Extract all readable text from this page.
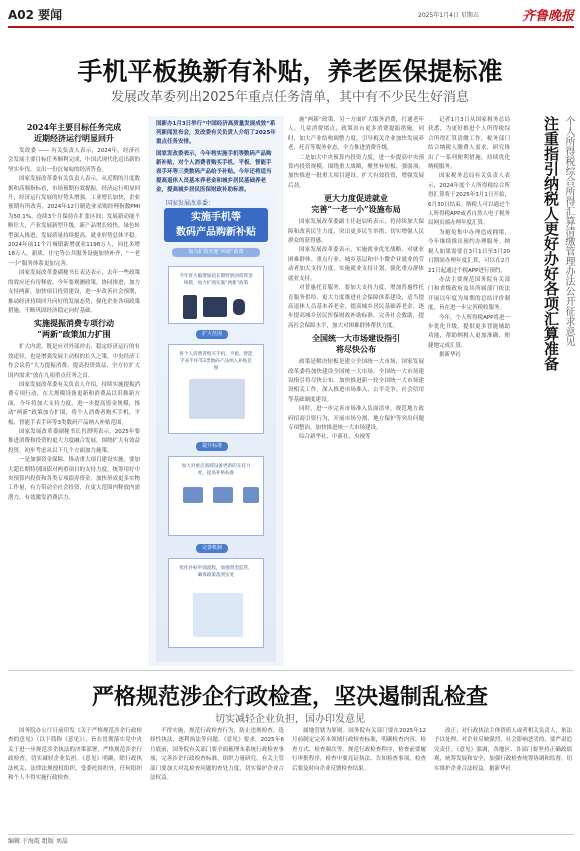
A02 要闻	2025年1月4日 星期五	齐鲁晚报
手机平板换新有补贴，养老医保提标准
发展改革委列出2025年重点任务清单，其中有不少民生好消息
2024年主要目标任务完成
近期经济运行明显回升

发改委 —— 有关负责人表示，2024年，经济社会发展主要目标任务顺利完成，中国式现代化迈出新的坚实步伐，交出一份沉甸甸的经济答卷。

国家发展改革委有关负责人表示，从近期的月度数据和高频指标看，市场预期有效提振，经济运行明显回升，经济运行发展的好势头增强，工业增长加快，企业预期有所改善。2024年12月制造业采购经理指数PMI为50.1%，连续3个月保持在扩张区间；发展新动能不断壮大，产业发展新型升级，新产品增长较快，绿色转型深入推进，发展质量持续提高，就业形势总体平稳。2024年前11个月城镇新增就业1198万人，同比多增18万人。新质、住宅等公共服务设施加快补齐，“一老一小”服务体系更加完善。

国家发展改革委副秘书长表达表示，去年一些政策的效应还有待释放，今年要观测政策，协同推进，加力支持两新，加快项目投资建设，进一步改善社会预期，推动经济持续回升向好的发展态势，强化企业各项政策措施，不断巩固经济稳定向好基础。

实施提振消费专项行动
“两新”政策加力扩围

扩大内需，既是应对外部冲击、稳定经济运行的有效途径，也是增强发展主动权的长久之策。中央经济工作会议将“大力提振消费、提高投资效益，全方位扩大国内需求”放在九项重点任务之首。

国家发展改革委有关负责人介绍，持续实施提振消费专项行动。在大规模设备更新和消费品以旧换新方面，今年将加大支持力度，进一步提高资金规模，推动“两新”政策加力扩围，将个人消费者购买手机、平板、智能手表手环等3类数码产品纳入补贴范围。

国家发展改革委副秘书长肖渭明表示，2025年要推进消费和投资的更大力度融合发展，围绕扩大有效益投资，初步考虑从以下几个方面加力施策。

一是加强资金保障，推动重大项目建设实施。要加大超长期特别国债对两重项目的支持力度，统筹用好中央预算内投资和各类专项债券资金，加快形成更多实物工作量，有力带动全社会投资，在更大范围内释放内需潜力，有效激发消费活力。

国新办1月3日举行“中国经济高质量发展成效”系列新闻发布会，发改委有关负责人介绍了2025年重点任务安排。
国家发改委表示，今年将实施手机等数码产品购新补贴，对个人消费者购买手机、平板、智能手表手环等三类数码产品给予补贴。今年还将适当提高退休人员基本养老金和城乡居民基础养老金，提高城乡居民医保财政补助标准。
国家发展改革委：
实施手机等
数码产品购新补贴
加力扩围实施“两新”政策
今年将大幅增加超长期特别国债资金规模，加力扩围实施“两新”政策
扩大范围
将个人消费者购买手机、平板、智能手表手环等3类数码产品纳入补贴范围
提升标准
加大对重点领域设备更新的支持力度，提高补贴标准
完善机制
优化补贴申领流程，加强资金监管，确保政策落到实处

施“两新”政策，另一方面扩大服务消费，打通老年人、儿童消费堵点，政策出台更多消费提振措施。同时，加大产业结构调整力度，引导相关企业加快发展养老、托育等服务业态，全力推进消费升级。

二是加大中央预算内投资力度，进一步提高中央预算内投资规模，围绕重大战略，聚焦补短板、强弱项，加快推进一批重大项目建设，扩大有效投资，增强发展后劲。

更大力度促进就业
完善“一老一小”设施布局

国家发展改革委副主任赵辰昕表示，将持续加大保障和改善民生力度，突出更多民生举措，切实增强人民群众的获得感。

国家发展改革委表示，实施就业优先战略，对就业困难群体、重点行业、城乡基层和中小微企业就业的劳动者加大支持力度，实施就业支持计划，强化重点群体就业支持。

对普惠托育服务，要加大支持力度，增加普惠性托育服务供给。更大力度推进社会保障体系建设，适当提高退休人员基本养老金，提高城乡居民基础养老金，逐步提高城乡居民医保财政补助标准，完善社会救助，提高社会保障水平，加大对困难群体帮扶力度。

全国统一大市场建设指引
将尽快公布

政策是解决短板是建立全国统一大市场，国家发展改革委将加快建设全国统一大市场，全国统一大市场建设指引将尽快公布。加快推进新一轮全国统一大市场建设相关工作，深入推进市场准入、公平竞争、社会信用等基础制度建设。

同时，进一步完善市场准入负面清单，规范地方政府招商引资行为，开展市场分割、地方保护等突出问题专项整治，加快推进统一大市场建设。

综合新华社、中新社、央视等

记者1月3日从国家税务总局获悉，为更好推进个人所得税综合所得汇算清缴工作，税务部门结合纳税人缴费人需求，研究推出了一系列便利措施，持续优化纳税服务。

国家税务总局有关负责人表示，2024年度个人所得税综合所得汇算将于2025年3月1日开始，6月30日结束。纳税人可以通过个人所得税APP或者自然人电子税务局网页端办理年度汇算。

为避免集中办理造成拥堵，今年继续推出预约办理服务。纳税人如果需要在3月1日至3月20日期间办理年度汇算，可以在2月21日起通过个税APP进行预约。

办法主要规范国务院有关部门和省级政府及其所属部门依法开展以年度为周期的总结评价制度，旨在进一步完善税收服务。

今年，个人所得税APP将进一步优化升级，提供更多智能辅助功能，帮助纳税人更加准确、便捷地完成汇算。

据新华社	注重指引纳税人更好办好各项汇算准备 个人所得税综合所得汇算清缴管理办法公开征求意见
严格规范涉企行政检查，坚决遏制乱检查
切实减轻企业负担，国办印发意见

国务院办公厅日前印发《关于严格规范涉企行政检查的意见》（以下简称《意见》），旨在贯彻落实党中央关于进一步规范涉企执法的决策部署，严格规范涉企行政检查，切实减轻企业负担。《意见》明确，除行政执法机关、法律法规授权组织、受委托组织外，任何组织和个人不得实施行政检查。

不得实施，规范行政检查行为，防止违规检查、选择性执法、逐利执法等问题。《意见》要求，2025年6月底前，国务院有关部门要全面梳理本系统行政检查事项，完善涉企行政检查标准，组织力量研究，有关主管部门要加大对乱检查问题的查处力度，切实保护企业合法权益。

属地管辖为原则。国务院有关部门要在2025年12月前制定完善本领域行政检查标准，明确检查内容、检查方式、检查频次等。规范行政检查程序，检查前要履行审批程序，检查中要亮证执法、告知检查事项，检查后要及时向企业反馈检查结果。

改正；对行政执法主体资质人或者相关负责人，依法予以处理。对企业反映强烈、社会影响恶劣的，要严肃追究责任。《意见》强调，各地区、各部门要坚持正确政绩观，统筹发展和安全，加强行政检查统筹协调和监督，切实维护企业合法权益。据新华社

编辑 于海霞 组版 刘晶
